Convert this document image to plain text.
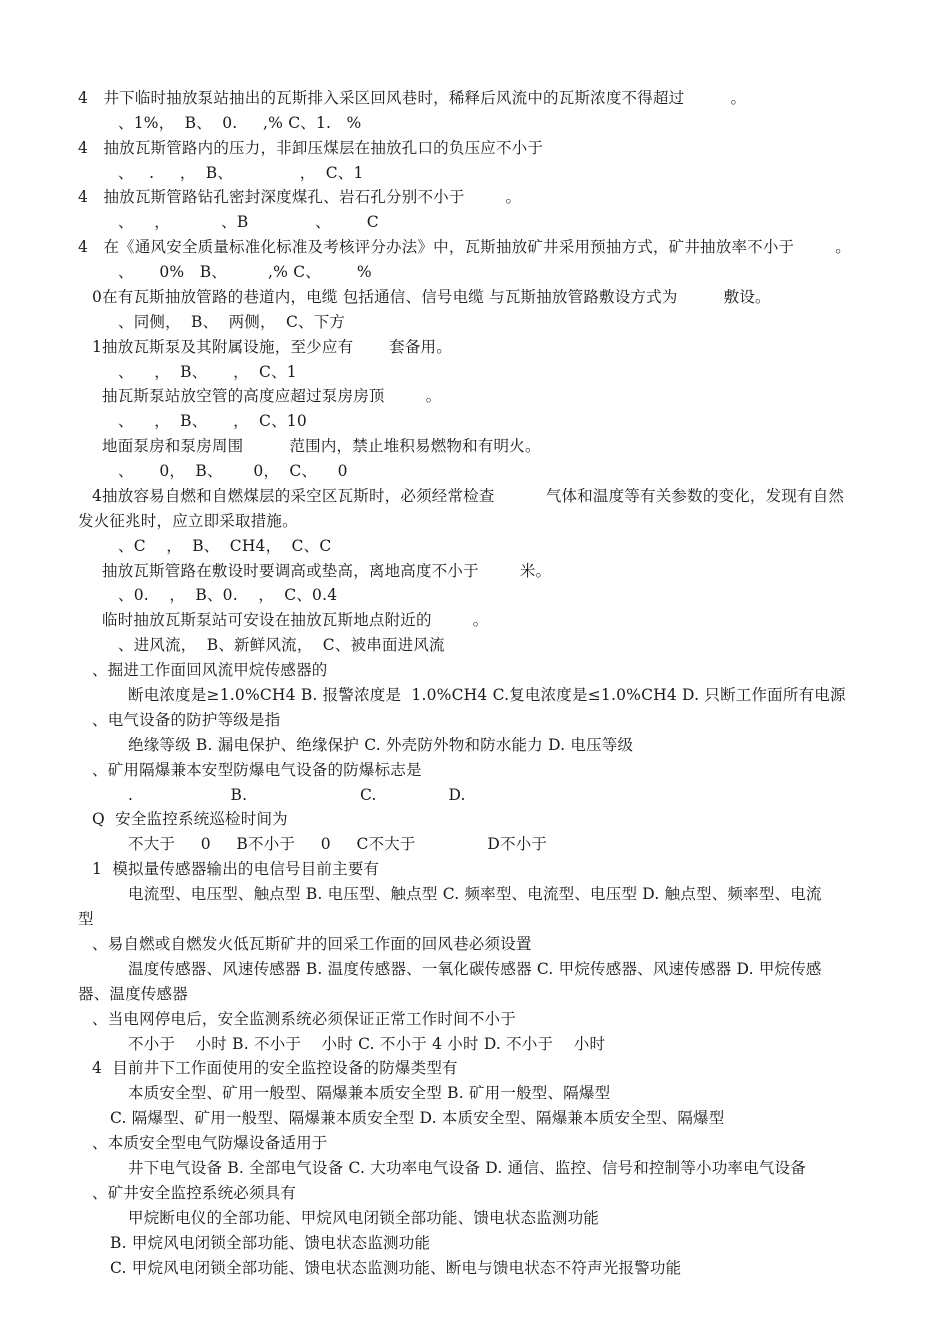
4   井下临时抽放泵站抽出的瓦斯排入采区回风巷时，稀释后风流中的瓦斯浓度不得超过         。
、1%，  B、  0.     ,% C、1.   %
4   抽放瓦斯管路内的压力，非卸压煤层在抽放孔口的负压应不小于
、   .     ，  B、             ，  C、1
4   抽放瓦斯管路钻孔密封深度煤孔、岩石孔分别不小于        。
、    ，          、B             、       C
4   在《通风安全质量标准化标准及考核评分办法》中，瓦斯抽放矿井采用预抽方式，矿井抽放率不小于        。
、     0%   B、        ,% C、       %
0在有瓦斯抽放管路的巷道内，电缆 包括通信、信号电缆 与瓦斯抽放管路敷设方式为         敷设。
、同侧，  B、  两侧，  C、下方
1抽放瓦斯泵及其附属设施，至少应有       套备用。
、    ，  B、     ，  C、1
抽瓦斯泵站放空管的高度应超过泵房房顶        。
、    ，  B、     ，  C、10
地面泵房和泵房周围         范围内，禁止堆积易燃物和有明火。
、     0，  B、      0，  C、    0
4抽放容易自燃和自燃煤层的采空区瓦斯时，必须经常检查          气体和温度等有关参数的变化，发现有自然
发火征兆时，应立即采取措施。
、C    ，  B、  CH4，  C、C
抽放瓦斯管路在敷设时要调高或垫高，离地高度不小于        米。
、0.    ，  B、0.    ，  C、0.4
临时抽放瓦斯泵站可安设在抽放瓦斯地点附近的        。
、进风流，  B、新鲜风流，  C、被串面进风流
、掘进工作面回风流甲烷传感器的
断电浓度是≥1.0%CH4 B. 报警浓度是  1.0%CH4 C.复电浓度是≤1.0%CH4 D. 只断工作面所有电源
、电气设备的防护等级是指
绝缘等级 B. 漏电保护、绝缘保护 C. 外壳防外物和防水能力 D. 电压等级
、矿用隔爆兼本安型防爆电气设备的防爆标志是
.                   B.                      C.              D.
Q  安全监控系统巡检时间为
不大于     0     B不小于     0     C不大于              D不小于
1  模拟量传感器输出的电信号目前主要有
电流型、电压型、触点型 B. 电压型、触点型 C. 频率型、电流型、电压型 D. 触点型、频率型、电流
型
、易自燃或自燃发火低瓦斯矿井的回采工作面的回风巷必须设置
温度传感器、风速传感器 B. 温度传感器、一氧化碳传感器 C. 甲烷传感器、风速传感器 D. 甲烷传感
器、温度传感器
、当电网停电后，安全监测系统必须保证正常工作时间不小于
不小于    小时 B. 不小于    小时 C. 不小于 4 小时 D. 不小于    小时
4  目前井下工作面使用的安全监控设备的防爆类型有
本质安全型、矿用一般型、隔爆兼本质安全型 B. 矿用一般型、隔爆型
C. 隔爆型、矿用一般型、隔爆兼本质安全型 D. 本质安全型、隔爆兼本质安全型、隔爆型
、本质安全型电气防爆设备适用于
井下电气设备 B. 全部电气设备 C. 大功率电气设备 D. 通信、监控、信号和控制等小功率电气设备
、矿井安全监控系统必须具有
甲烷断电仪的全部功能、甲烷风电闭锁全部功能、馈电状态监测功能
B. 甲烷风电闭锁全部功能、馈电状态监测功能
C. 甲烷风电闭锁全部功能、馈电状态监测功能、断电与馈电状态不符声光报警功能
